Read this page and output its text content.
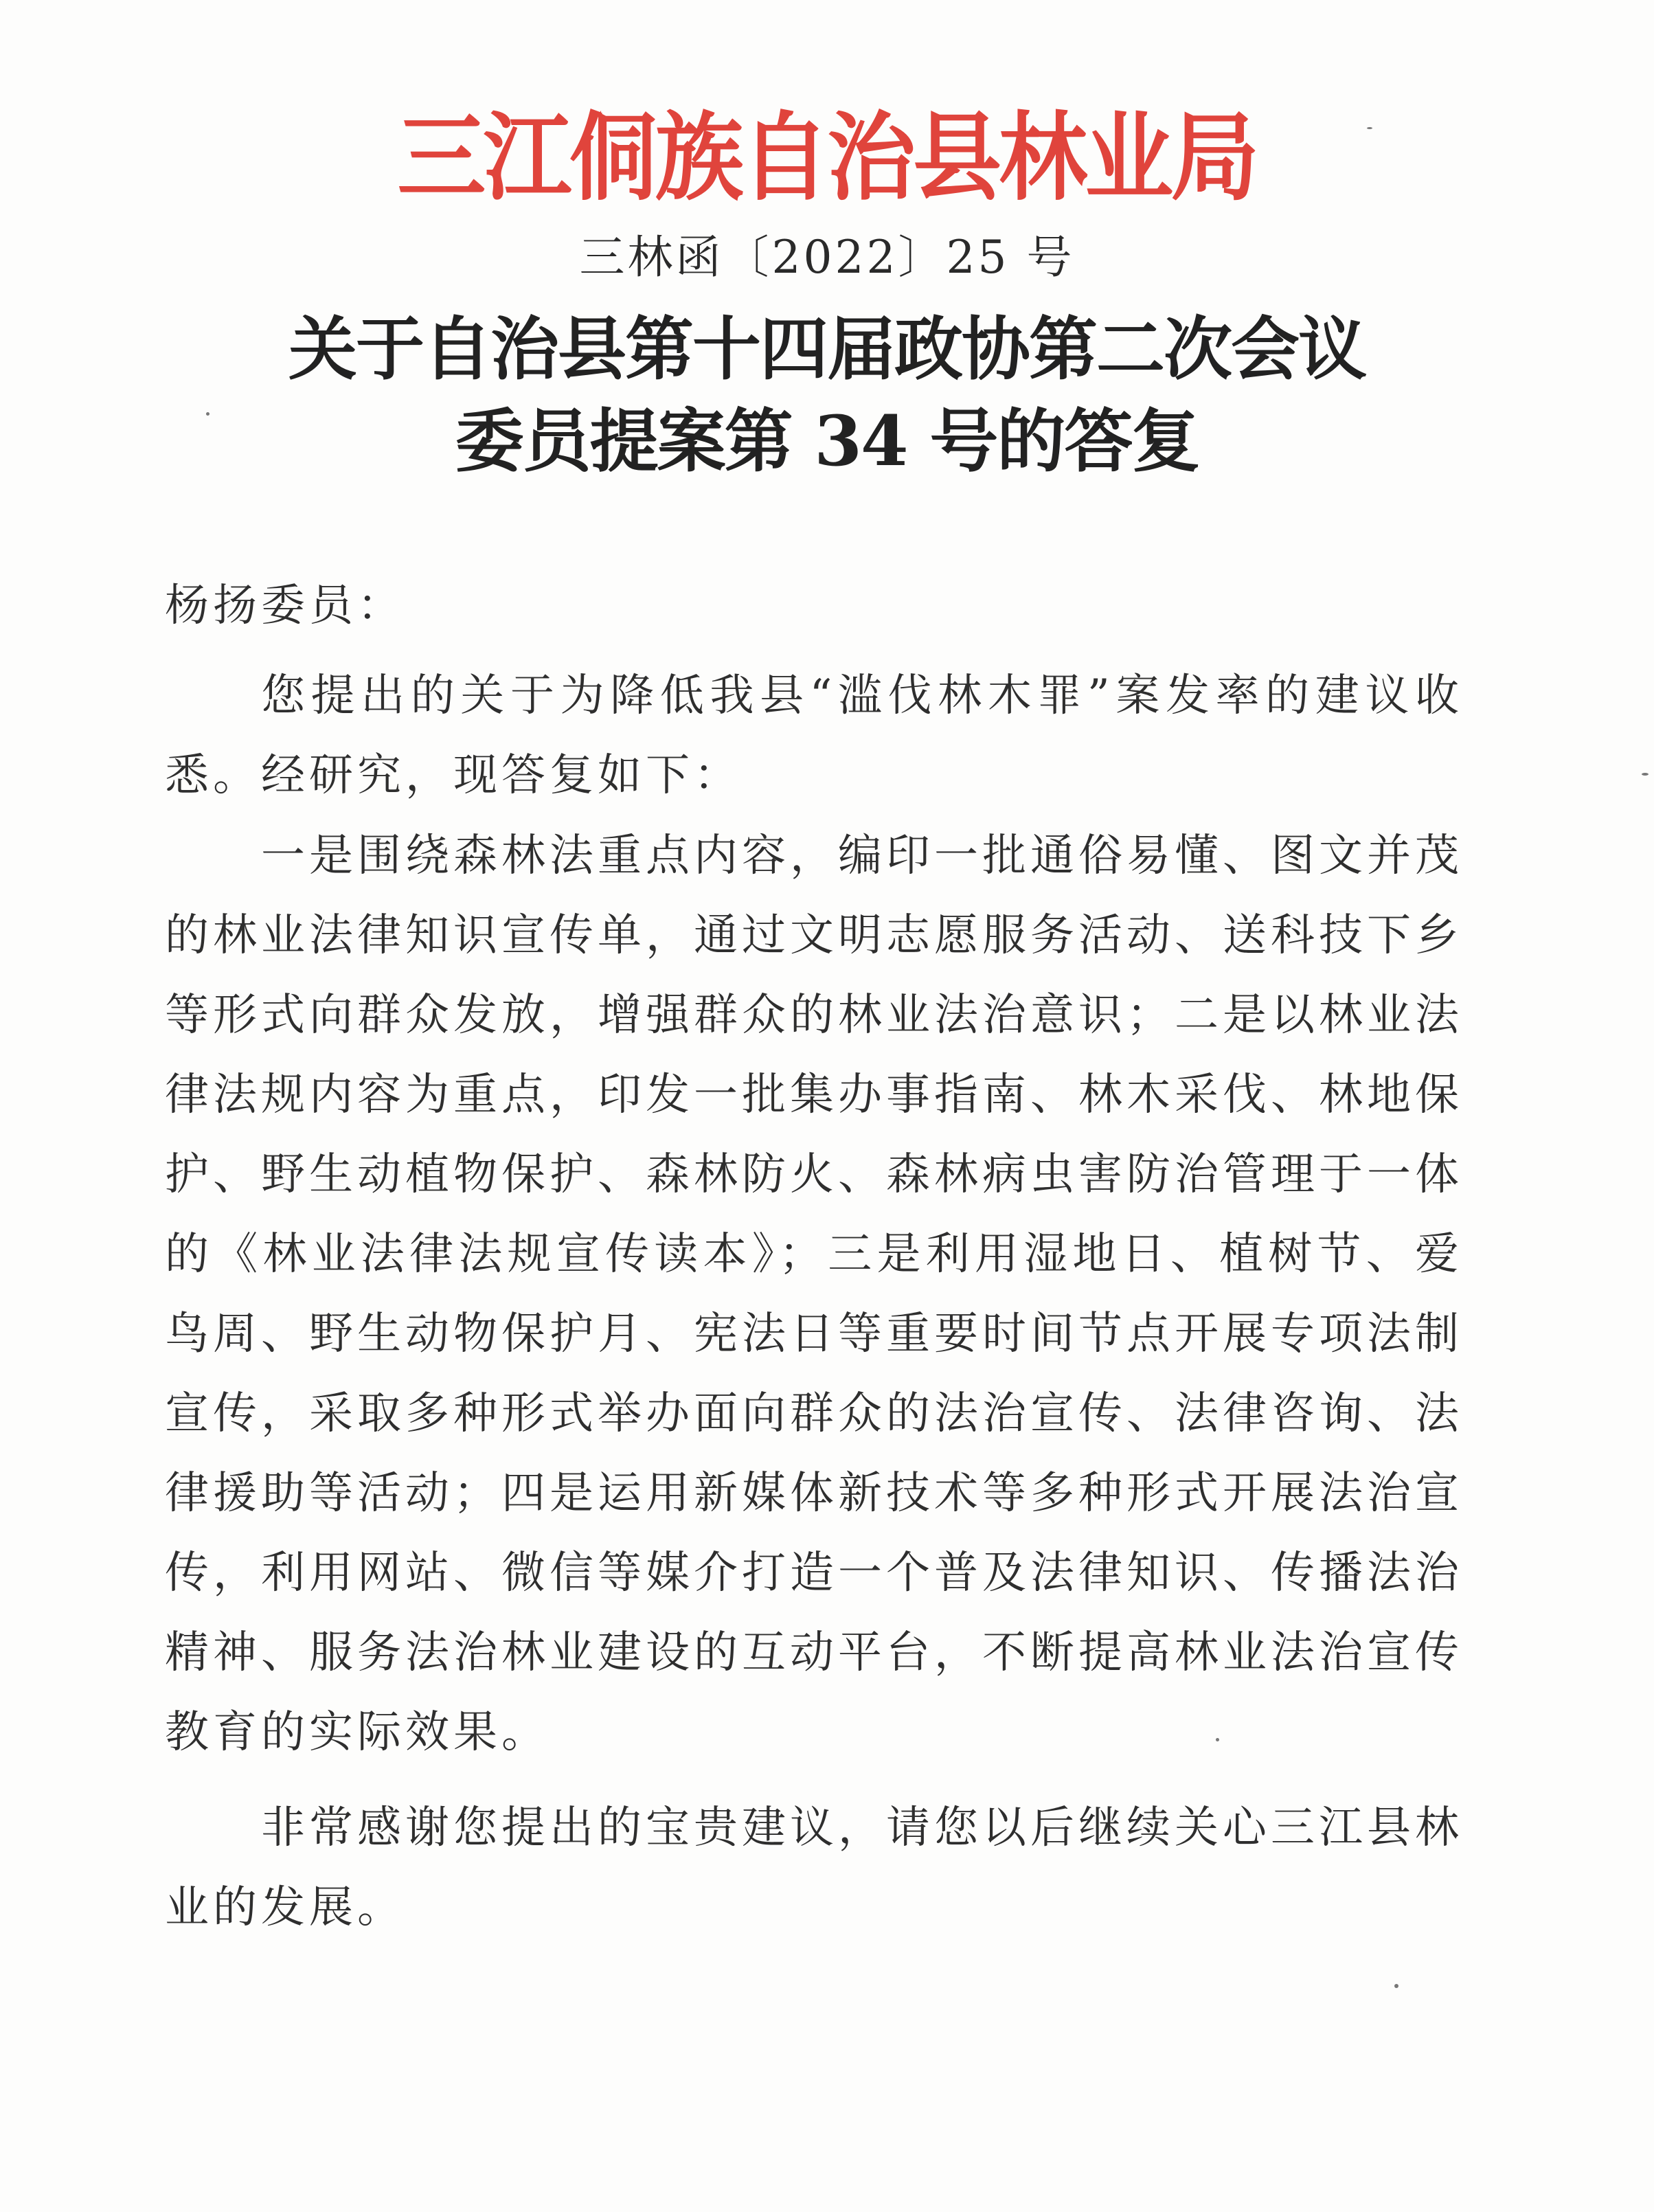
三江侗族自治县林业局
三林函〔2022〕25 号
关于自治县第十四届政协第二次会议
委员提案第 34 号的答复
杨扬委员：

您提出的关于为降低我县“滥伐林木罪”案发率的建议收悉。经研究，现答复如下：

一是围绕森林法重点内容，编印一批通俗易懂、图文并茂的林业法律知识宣传单，通过文明志愿服务活动、送科技下乡等形式向群众发放，增强群众的林业法治意识；二是以林业法律法规内容为重点，印发一批集办事指南、林木采伐、林地保护、野生动植物保护、森林防火、森林病虫害防治管理于一体的《林业法律法规宣传读本》；三是利用湿地日、植树节、爱鸟周、野生动物保护月、宪法日等重要时间节点开展专项法制宣传，采取多种形式举办面向群众的法治宣传、法律咨询、法律援助等活动；四是运用新媒体新技术等多种形式开展法治宣传，利用网站、微信等媒介打造一个普及法律知识、传播法治精神、服务法治林业建设的互动平台，不断提高林业法治宣传教育的实际效果。

非常感谢您提出的宝贵建议，请您以后继续关心三江县林业的发展。
